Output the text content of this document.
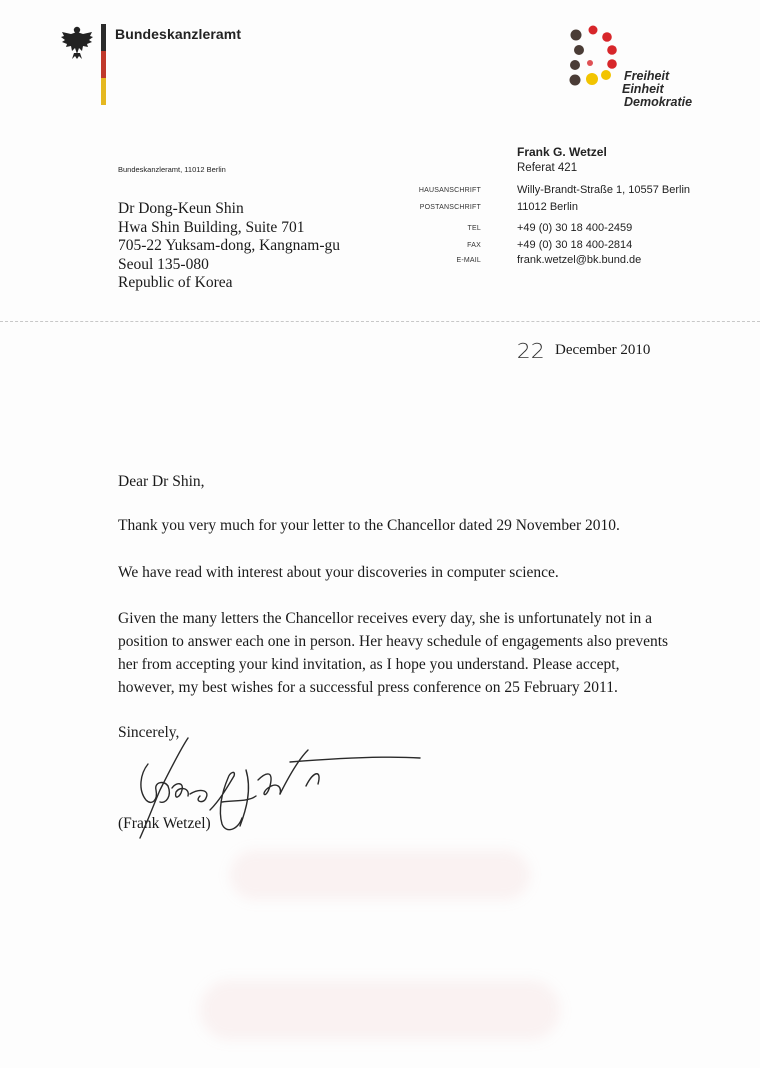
Bundeskanzleramt
Freiheit
Einheit
Demokratie
Frank G. Wetzel
Referat 421
Bundeskanzleramt, 11012 Berlin
HAUSANSCHRIFT	Willy-Brandt-Straße 1, 10557 Berlin
POSTANSCHRIFT	11012 Berlin
TEL	+49 (0) 30 18 400-2459
FAX	+49 (0) 30 18 400-2814
E-MAIL	frank.wetzel@bk.bund.de
Dr Dong-Keun Shin
Hwa Shin Building, Suite 701
705-22 Yuksam-dong, Kangnam-gu
Seoul 135-080
Republic of Korea
22 December 2010
Dear Dr Shin,
Thank you very much for your letter to the Chancellor dated 29 November 2010.
We have read with interest about your discoveries in computer science.
Given the many letters the Chancellor receives every day, she is unfortunately not in a position to answer each one in person. Her heavy schedule of engagements also prevents her from accepting your kind invitation, as I hope you understand. Please accept, however, my best wishes for a successful press conference on 25 February 2011.
Sincerely,
(Frank Wetzel)
